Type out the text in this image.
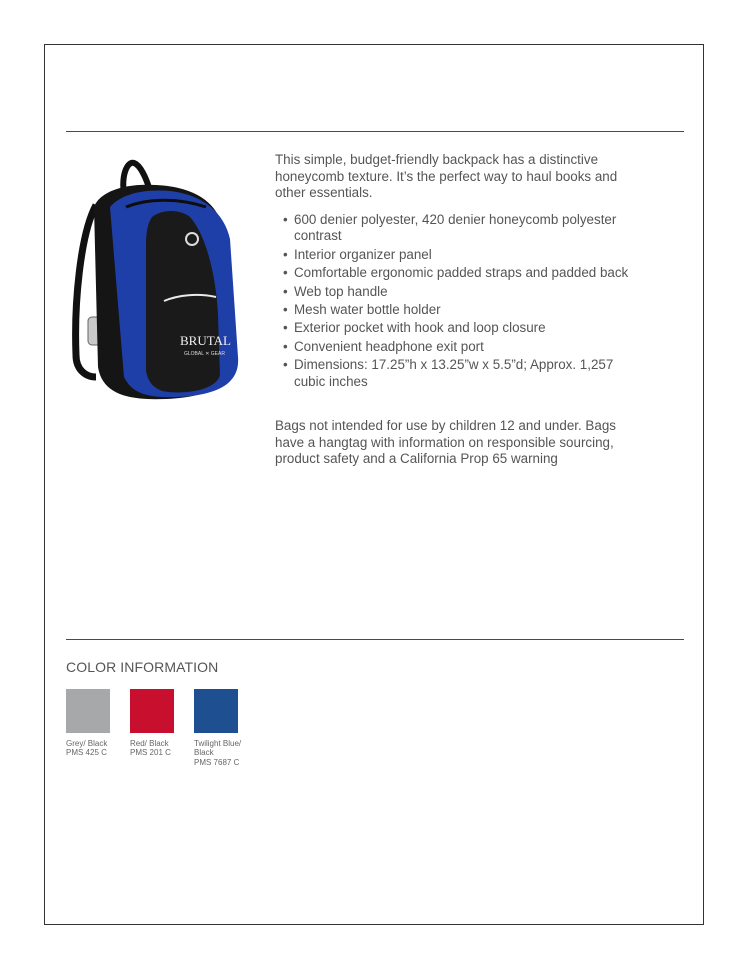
BRUTAL
GLOBAL ✕ GEAR

This simple, budget-friendly backpack has a distinctive honeycomb texture. It’s the perfect way to haul books and other essentials.

• 600 denier polyester, 420 denier honeycomb polyester contrast
• Interior organizer panel
• Comfortable ergonomic padded straps and padded back
• Web top handle
• Mesh water bottle holder
• Exterior pocket with hook and loop closure
• Convenient headphone exit port
• Dimensions: 17.25”h x 13.25”w x 5.5”d; Approx. 1,257 cubic inches

Bags not intended for use by children 12 and under. Bags have a hangtag with information on responsible sourcing, product safety and a California Prop 65 warning

COLOR INFORMATION
Grey/ Black
PMS 425 C
Red/ Black
PMS 201 C
Twilight Blue/ Black
PMS 7687 C
